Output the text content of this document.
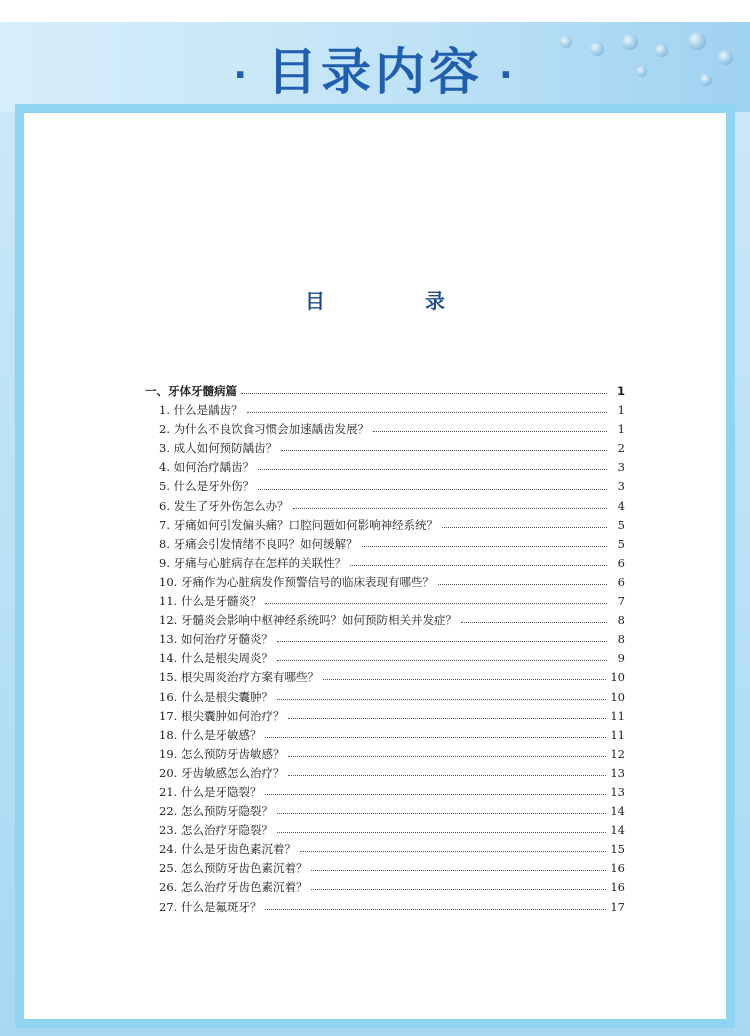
· 目录内容 ·
目　录
一、牙体牙髓病篇	1
1. 什么是龋齿？	1
2. 为什么不良饮食习惯会加速龋齿发展？	1
3. 成人如何预防龋齿？	2
4. 如何治疗龋齿？	3
5. 什么是牙外伤？	3
6. 发生了牙外伤怎么办？	4
7. 牙痛如何引发偏头痛？口腔问题如何影响神经系统？	5
8. 牙痛会引发情绪不良吗？如何缓解？	5
9. 牙痛与心脏病存在怎样的关联性？	6
10. 牙痛作为心脏病发作预警信号的临床表现有哪些？	6
11. 什么是牙髓炎？	7
12. 牙髓炎会影响中枢神经系统吗？如何预防相关并发症？	8
13. 如何治疗牙髓炎？	8
14. 什么是根尖周炎？	9
15. 根尖周炎治疗方案有哪些？	10
16. 什么是根尖囊肿？	10
17. 根尖囊肿如何治疗？	11
18. 什么是牙敏感？	11
19. 怎么预防牙齿敏感？	12
20. 牙齿敏感怎么治疗？	13
21. 什么是牙隐裂？	13
22. 怎么预防牙隐裂？	14
23. 怎么治疗牙隐裂？	14
24. 什么是牙齿色素沉着？	15
25. 怎么预防牙齿色素沉着？	16
26. 怎么治疗牙齿色素沉着？	16
27. 什么是氟斑牙？	17
